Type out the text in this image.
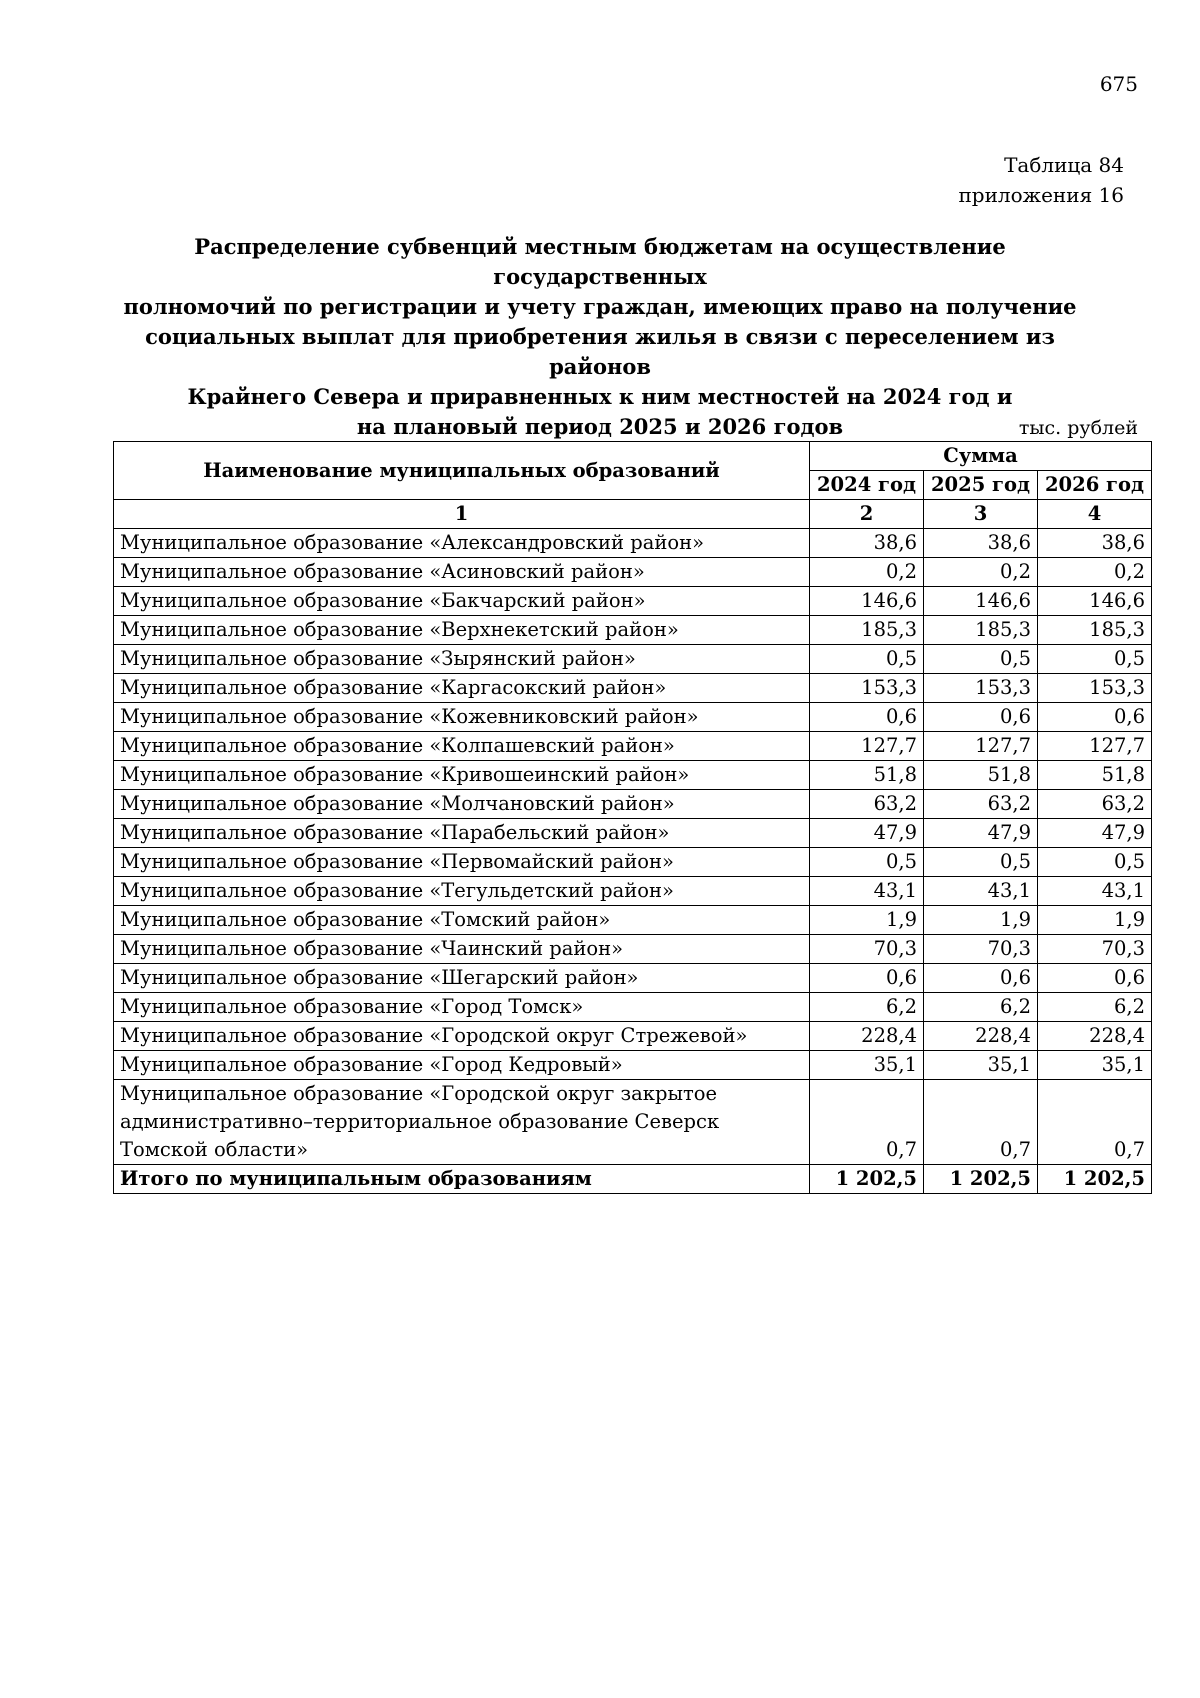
675
Таблица 84
приложения 16
Распределение субвенций местным бюджетам на осуществление государственных
полномочий по регистрации и учету граждан, имеющих право на получение
социальных выплат для приобретения жилья в связи с переселением из районов
Крайнего Севера и приравненных к ним местностей на 2024 год и
на плановый период 2025 и 2026 годов	тыс. рублей
Наименование муниципальных образований	Сумма		
	2024 год	2025 год	2026 год
1	2	3	4
Муниципальное образование «Александровский район»	38,6	38,6	38,6
Муниципальное образование «Асиновский район»	0,2	0,2	0,2
Муниципальное образование «Бакчарский район»	146,6	146,6	146,6
Муниципальное образование «Верхнекетский район»	185,3	185,3	185,3
Муниципальное образование «Зырянский район»	0,5	0,5	0,5
Муниципальное образование «Каргасокский район»	153,3	153,3	153,3
Муниципальное образование «Кожевниковский район»	0,6	0,6	0,6
Муниципальное образование «Колпашевский район»	127,7	127,7	127,7
Муниципальное образование «Кривошеинский район»	51,8	51,8	51,8
Муниципальное образование «Молчановский район»	63,2	63,2	63,2
Муниципальное образование «Парабельский район»	47,9	47,9	47,9
Муниципальное образование «Первомайский район»	0,5	0,5	0,5
Муниципальное образование «Тегульдетский район»	43,1	43,1	43,1
Муниципальное образование «Томский район»	1,9	1,9	1,9
Муниципальное образование «Чаинский район»	70,3	70,3	70,3
Муниципальное образование «Шегарский район»	0,6	0,6	0,6
Муниципальное образование «Город Томск»	6,2	6,2	6,2
Муниципальное образование «Городской округ Стрежевой»	228,4	228,4	228,4
Муниципальное образование «Город Кедровый»	35,1	35,1	35,1
Муниципальное образование «Городской округ закрытое административно–территориальное образование Северск Томской области»	0,7	0,7	0,7
Итого по муниципальным образованиям	1 202,5	1 202,5	1 202,5
